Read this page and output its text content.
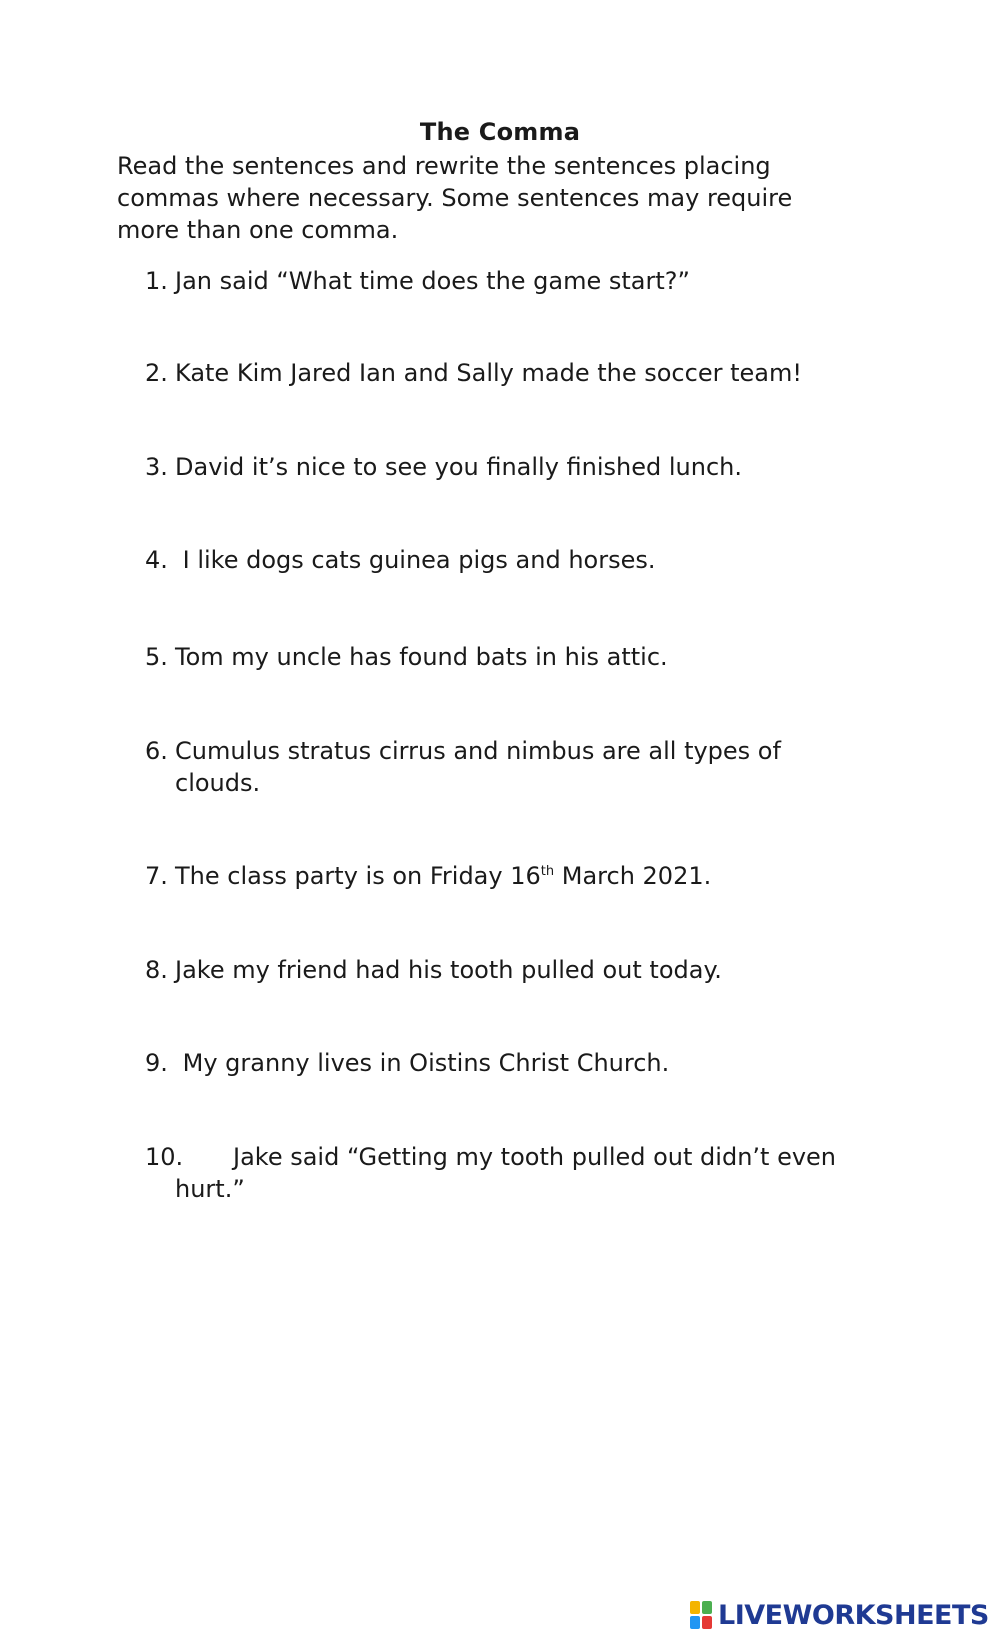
The Comma
Read the sentences and rewrite the sentences placing commas where necessary. Some sentences may require more than one comma.
1. Jan said “What time does the game start?”
2. Kate Kim Jared Ian and Sally made the soccer team!
3. David it’s nice to see you finally finished lunch.
4. I like dogs cats guinea pigs and horses.
5. Tom my uncle has found bats in his attic.
6. Cumulus stratus cirrus and nimbus are all types of
clouds.
7. The class party is on Friday 16th March 2021.
8. Jake my friend had his tooth pulled out today.
9. My granny lives in Oistins Christ Church.
10. Jake said “Getting my tooth pulled out didn’t even
hurt.”
LIVEWORKSHEETS
